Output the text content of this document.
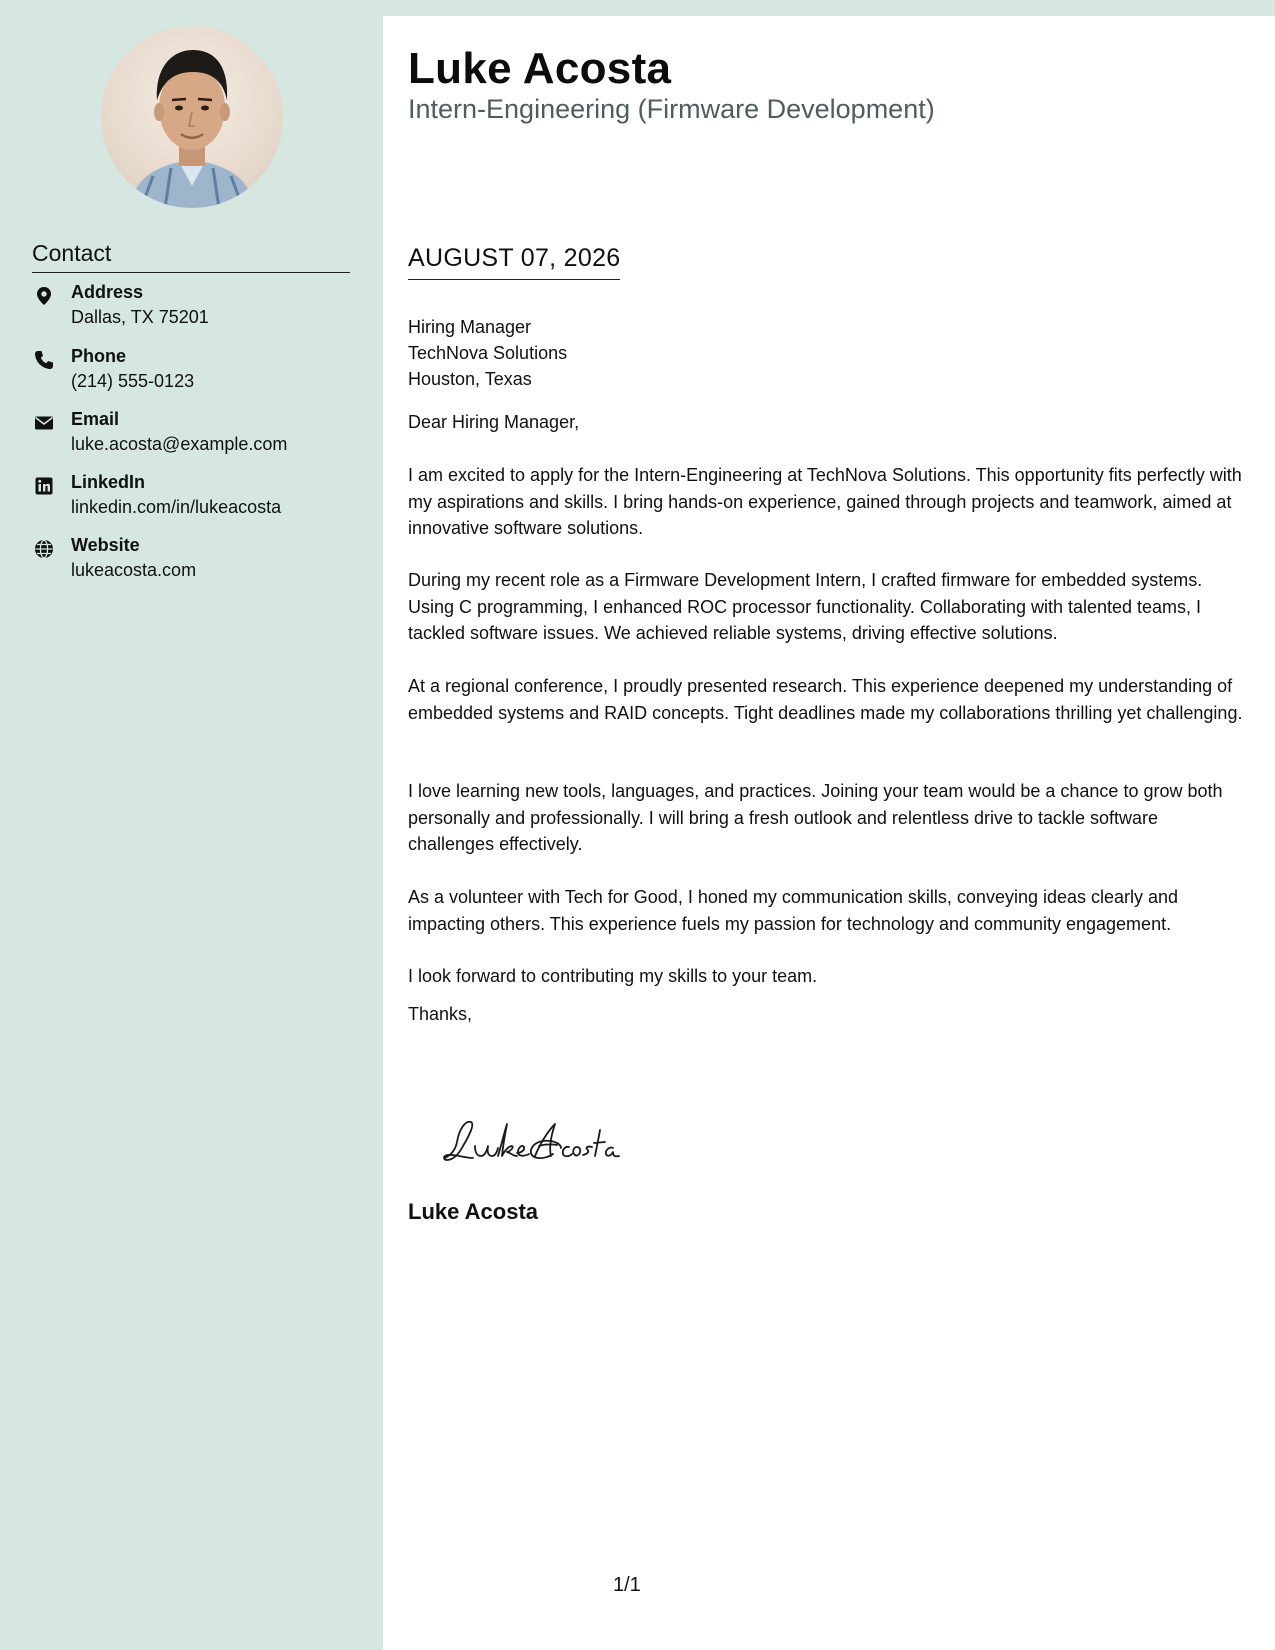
Contact
Address
Dallas, TX 75201
Phone
(214) 555-0123
Email
luke.acosta@example.com
LinkedIn
linkedin.com/in/lukeacosta
Website
lukeacosta.com
Luke Acosta
Intern-Engineering (Firmware Development)
AUGUST 07, 2026
Hiring Manager
TechNova Solutions
Houston, Texas
Dear Hiring Manager,
I am excited to apply for the Intern-Engineering at TechNova Solutions. This opportunity fits perfectly with my aspirations and skills. I bring hands-on experience, gained through projects and teamwork, aimed at innovative software solutions.
During my recent role as a Firmware Development Intern, I crafted firmware for embedded systems. Using C programming, I enhanced ROC processor functionality. Collaborating with talented teams, I tackled software issues. We achieved reliable systems, driving effective solutions.
At a regional conference, I proudly presented research. This experience deepened my understanding of embedded systems and RAID concepts. Tight deadlines made my collaborations thrilling yet challenging.
I love learning new tools, languages, and practices. Joining your team would be a chance to grow both personally and professionally. I will bring a fresh outlook and relentless drive to tackle software challenges effectively.
As a volunteer with Tech for Good, I honed my communication skills, conveying ideas clearly and impacting others. This experience fuels my passion for technology and community engagement.
I look forward to contributing my skills to your team.
Thanks,
Luke Acosta
1/1
